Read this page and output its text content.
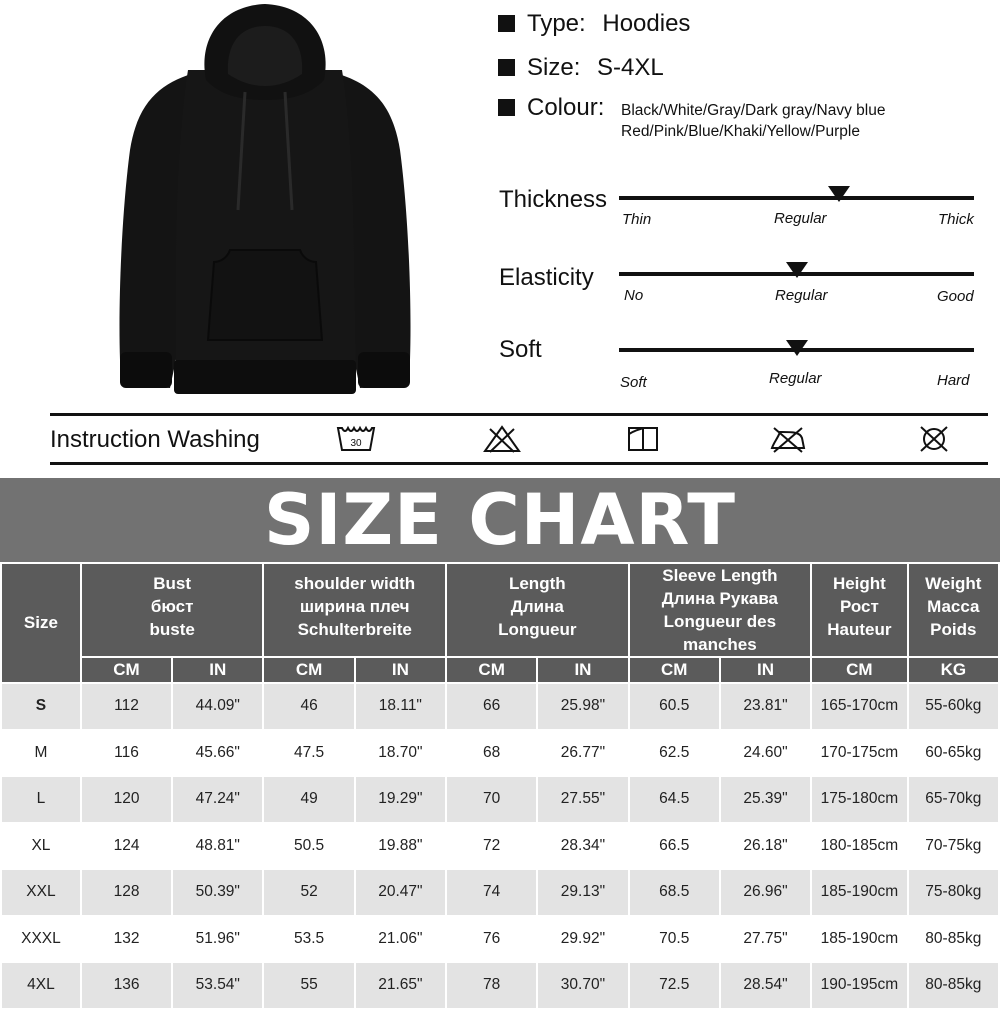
Type: Hoodies
Size: S-4XL
Colour:	Black/White/Gray/Dark gray/Navy blue
Red/Pink/Blue/Khaki/Yellow/Purple
Thickness
Thin	Regular	Thick
Elasticity
No	Regular	Good
Soft
Soft	Regular	Hard
Instruction Washing	30
SIZE CHART
Size	Bust
бюст
buste		shoulder width
ширина плеч
Schulterbreite		Length
Длина
Longueur		Sleeve Length
Длина Рукава
Longueur des
manches		Height
Рост
Hauteur	Weight
Масса
Poids

	CM	IN	CM	IN	CM	IN	CM	IN	CM	KG
S	112	44.09"	46	18.11"	66	25.98"	60.5	23.81"	165-170cm	55-60kg
M	116	45.66"	47.5	18.70"	68	26.77"	62.5	24.60"	170-175cm	60-65kg
L	120	47.24"	49	19.29"	70	27.55"	64.5	25.39"	175-180cm	65-70kg
XL	124	48.81"	50.5	19.88"	72	28.34"	66.5	26.18"	180-185cm	70-75kg
XXL	128	50.39"	52	20.47"	74	29.13"	68.5	26.96"	185-190cm	75-80kg
XXXL	132	51.96"	53.5	21.06"	76	29.92"	70.5	27.75"	185-190cm	80-85kg
4XL	136	53.54"	55	21.65"	78	30.70"	72.5	28.54"	190-195cm	80-85kg
